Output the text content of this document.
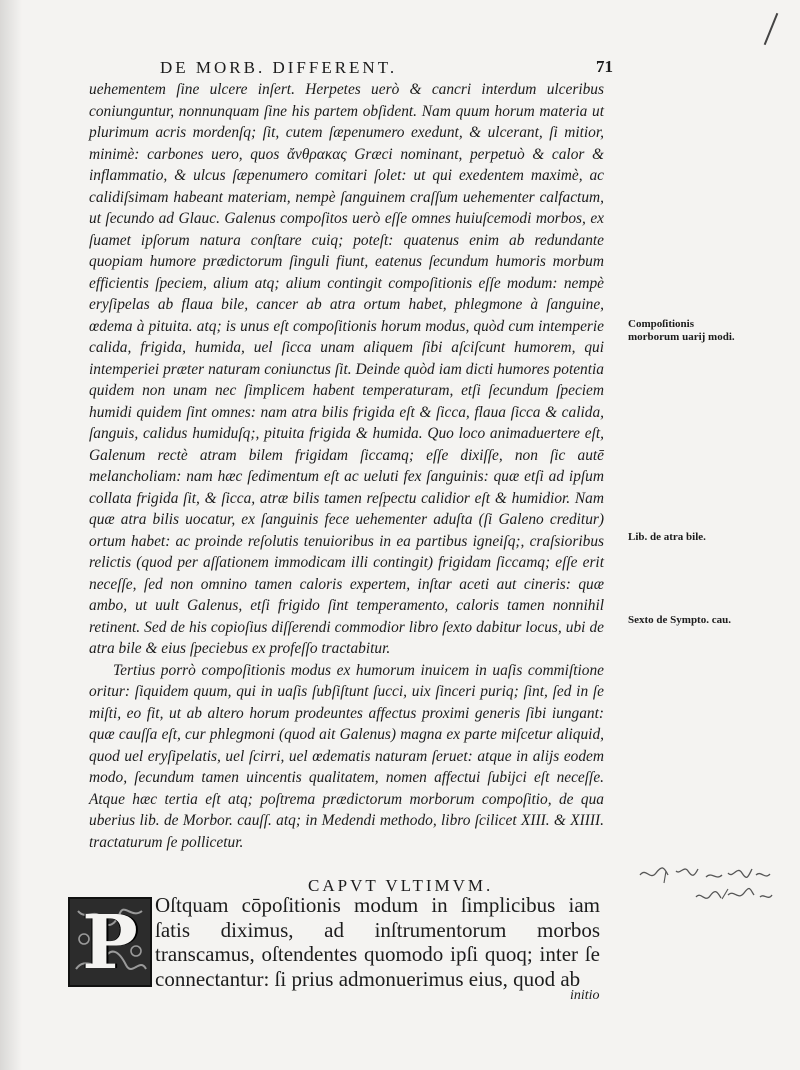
DE MORB. DIFFERENT.	71
uehementem ſine ulcere inſert. Herpetes uerò & cancri interdum ulceribus coniunguntur, nonnunquam ſine his partem obſident. Nam quum horum materia ut plurimum acris mordenſq; ſit, cutem ſæpenumero exedunt, & ulcerant, ſi mitior, minimè: carbones uero, quos ἄνθρακας Græci nominant, perpetuò & calor & inflammatio, & ulcus ſæpenumero comitari ſolet: ut qui exedentem maximè, ac calidiſsimam habeant materiam, nempè ſanguinem craſſum uehementer calfactum, ut ſecundo ad Glauc. Galenus compoſitos uerò eſſe omnes huiuſcemodi morbos, ex ſuamet ipſorum natura conſtare cuiq; poteſt: quatenus enim ab redundante quopiam humore prædictorum ſinguli fiunt, eatenus ſecundum humoris morbum efficientis ſpeciem, alium atq; alium contingit compoſitionis eſſe modum: nempè eryſipelas ab flaua bile, cancer ab atra ortum habet, phlegmone à ſanguine, œdema à pituita. atq; is unus eſt compoſitionis horum modus, quòd cum intemperie calida, frigida, humida, uel ſicca unam aliquem ſibi aſciſcunt humorem, qui intemperiei præter naturam coniunctus ſit. Deinde quòd iam dicti humores potentia quidem non unam nec ſimplicem habent temperaturam, etſi ſecundum ſpeciem humidi quidem ſint omnes: nam atra bilis frigida eſt & ſicca, flaua ſicca & calida, ſanguis, calidus humiduſq;, pituita frigida & humida. Quo loco animaduertere eſt, Galenum rectè atram bilem frigidam ſiccamq; eſſe dixiſſe, non ſic autē melancholiam: nam hæc ſedimentum eſt ac ueluti fex ſanguinis: quæ etſi ad ipſum collata frigida ſit, & ſicca, atræ bilis tamen reſpectu calidior eſt & humidior. Nam quæ atra bilis uocatur, ex ſanguinis fece uehementer aduſta (ſi Galeno creditur) ortum habet: ac proinde reſolutis tenuioribus in ea partibus igneiſq;, craſsioribus relictis (quod per aſſationem immodicam illi contingit) frigidam ſiccamq; eſſe erit neceſſe, ſed non omnino tamen caloris expertem, inſtar aceti aut cineris: quæ ambo, ut uult Galenus, etſi frigido ſint temperamento, caloris tamen nonnihil retinent. Sed de his copioſius diſſerendi commodior libro ſexto dabitur locus, ubi de atra bile & eius ſpeciebus ex profeſſo tractabitur.
Tertius porrò compoſitionis modus ex humorum inuicem in uaſis commiſtione oritur: ſiquidem quum, qui in uaſis ſubſiſtunt ſucci, uix ſinceri puriq; ſint, ſed in ſe miſti, eo fit, ut ab altero horum prodeuntes affectus proximi generis ſibi iungant: quæ cauſſa eſt, cur phlegmoni (quod ait Galenus) magna ex parte miſcetur aliquid, quod uel eryſipelatis, uel ſcirri, uel œdematis naturam ſeruet: atque in alijs eodem modo, ſecundum tamen uincentis qualitatem, nomen affectui ſubijci eſt neceſſe. Atque hæc tertia eſt atq; poſtrema prædictorum morborum compoſitio, de qua uberius lib. de Morbor. cauſſ. atq; in Medendi methodo, libro ſcilicet XIII. & XIIII. tractaturum ſe pollicetur.
Compoſitionis morborum uarij modi.
Lib. de atra bile.
Sexto de Sympto. cau.
CAPVT VLTIMVM.
P Oſtquam cōpoſitionis modum in ſimplicibus iam ſatis diximus, ad inſtrumentorum morbos transcamus, oſtendentes quomodo ipſi quoq; inter ſe connectantur: ſi prius admonuerimus eius, quod ab
initio
